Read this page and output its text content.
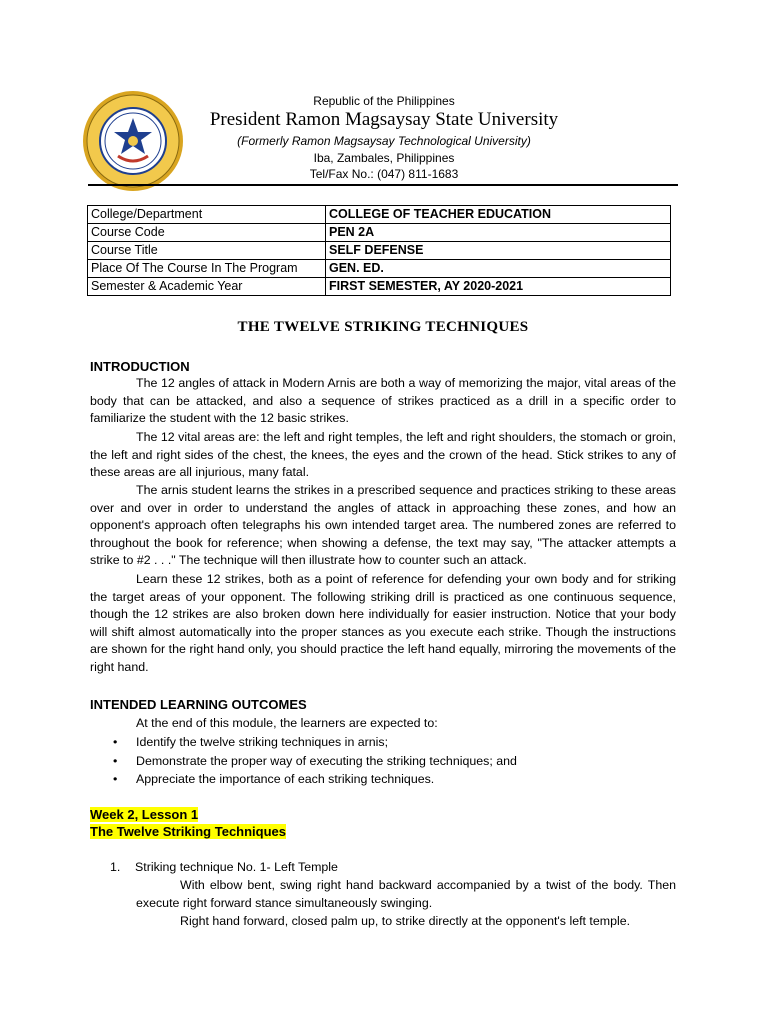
Republic of the Philippines
President Ramon Magsaysay State University
(Formerly Ramon Magsaysay Technological University)
Iba, Zambales, Philippines
Tel/Fax No.: (047) 811-1683
College/Department	COLLEGE OF TEACHER EDUCATION
Course Code	PEN 2A
Course Title	SELF DEFENSE
Place Of The Course In The Program	GEN. ED.
Semester & Academic Year	FIRST SEMESTER, AY 2020-2021
THE TWELVE STRIKING TECHNIQUES
INTRODUCTION

The 12 angles of attack in Modern Arnis are both a way of memorizing the major, vital areas of the body that can be attacked, and also a sequence of strikes practiced as a drill in a specific order to familiarize the student with the 12 basic strikes.

The 12 vital areas are: the left and right temples, the left and right shoulders, the stomach or groin, the left and right sides of the chest, the knees, the eyes and the crown of the head. Stick strikes to any of these areas are all injurious, many fatal.

The arnis student learns the strikes in a prescribed sequence and practices striking to these areas over and over in order to understand the angles of attack in approaching these zones, and how an opponent's approach often telegraphs his own intended target area. The numbered zones are referred to throughout the book for reference; when showing a defense, the text may say, "The attacker attempts a strike to #2 . . ." The technique will then illustrate how to counter such an attack.

Learn these 12 strikes, both as a point of reference for defending your own body and for striking the target areas of your opponent. The following striking drill is practiced as one continuous sequence, though the 12 strikes are also broken down here individually for easier instruction. Notice that your body will shift almost automatically into the proper stances as you execute each strike. Though the instructions are shown for the right hand only, you should practice the left hand equally, mirroring the movements of the right hand.

INTENDED LEARNING OUTCOMES
At the end of this module, the learners are expected to:
• Identify the twelve striking techniques in arnis;
• Demonstrate the proper way of executing the striking techniques; and
• Appreciate the importance of each striking techniques.
Week 2, Lesson 1
The Twelve Striking Techniques
1. Striking technique No. 1- Left Temple

With elbow bent, swing right hand backward accompanied by a twist of the body. Then execute right forward stance simultaneously swinging.

Right hand forward, closed palm up, to strike directly at the opponent's left temple.
